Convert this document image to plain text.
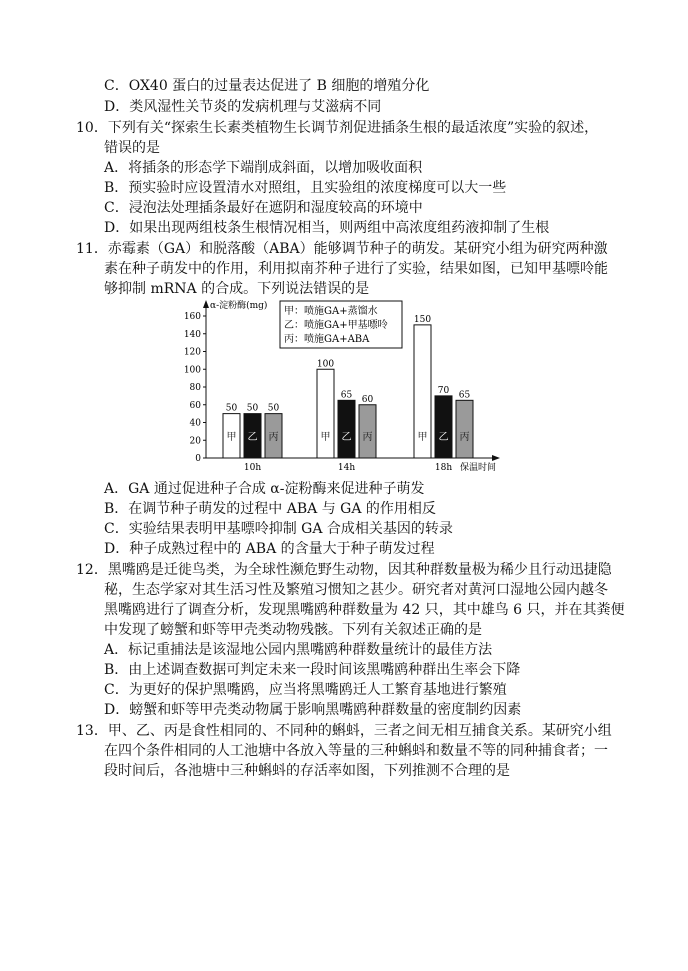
C．OX40 蛋白的过量表达促进了 B 细胞的增殖分化
D．类风湿性关节炎的发病机理与艾滋病不同
10．下列有关“探索生长素类植物生长调节剂促进插条生根的最适浓度”实验的叙述，
错误的是
A．将插条的形态学下端削成斜面，以增加吸收面积
B．预实验时应设置清水对照组，且实验组的浓度梯度可以大一些
C．浸泡法处理插条最好在遮阴和湿度较高的环境中
D．如果出现两组枝条生根情况相当，则两组中高浓度组药液抑制了生根
11．赤霉素（GA）和脱落酸（ABA）能够调节种子的萌发。某研究小组为研究两种激
素在种子萌发中的作用，利用拟南芥种子进行了实验，结果如图，已知甲基嘌呤能
够抑制 mRNA 的合成。下列说法错误的是
α-淀粉酶(mg)
保温时间
0
20
40
60
80
100
120
140
160
50
甲
50
乙
50
丙
10h
100
甲
65
乙
60
丙
14h
150
甲
70
乙
65
丙
18h
甲：喷施GA+蒸馏水
乙：喷施GA+甲基嘌呤
丙：喷施GA+ABA
A．GA 通过促进种子合成 α-淀粉酶来促进种子萌发
B．在调节种子萌发的过程中 ABA 与 GA 的作用相反
C．实验结果表明甲基嘌呤抑制 GA 合成相关基因的转录
D．种子成熟过程中的 ABA 的含量大于种子萌发过程
12．黑嘴鸥是迁徙鸟类，为全球性濒危野生动物，因其种群数量极为稀少且行动迅捷隐
秘，生态学家对其生活习性及繁殖习惯知之甚少。研究者对黄河口湿地公园内越冬
黑嘴鸥进行了调查分析，发现黑嘴鸥种群数量为 42 只，其中雄鸟 6 只，并在其粪便
中发现了螃蟹和虾等甲壳类动物残骸。下列有关叙述正确的是
A．标记重捕法是该湿地公园内黑嘴鸥种群数量统计的最佳方法
B．由上述调查数据可判定未来一段时间该黑嘴鸥种群出生率会下降
C．为更好的保护黑嘴鸥，应当将黑嘴鸥迁人工繁育基地进行繁殖
D．螃蟹和虾等甲壳类动物属于影响黑嘴鸥种群数量的密度制约因素
13．甲、乙、丙是食性相同的、不同种的蝌蚪，三者之间无相互捕食关系。某研究小组
在四个条件相同的人工池塘中各放入等量的三种蝌蚪和数量不等的同种捕食者；一
段时间后，各池塘中三种蝌蚪的存活率如图，下列推测不合理的是
